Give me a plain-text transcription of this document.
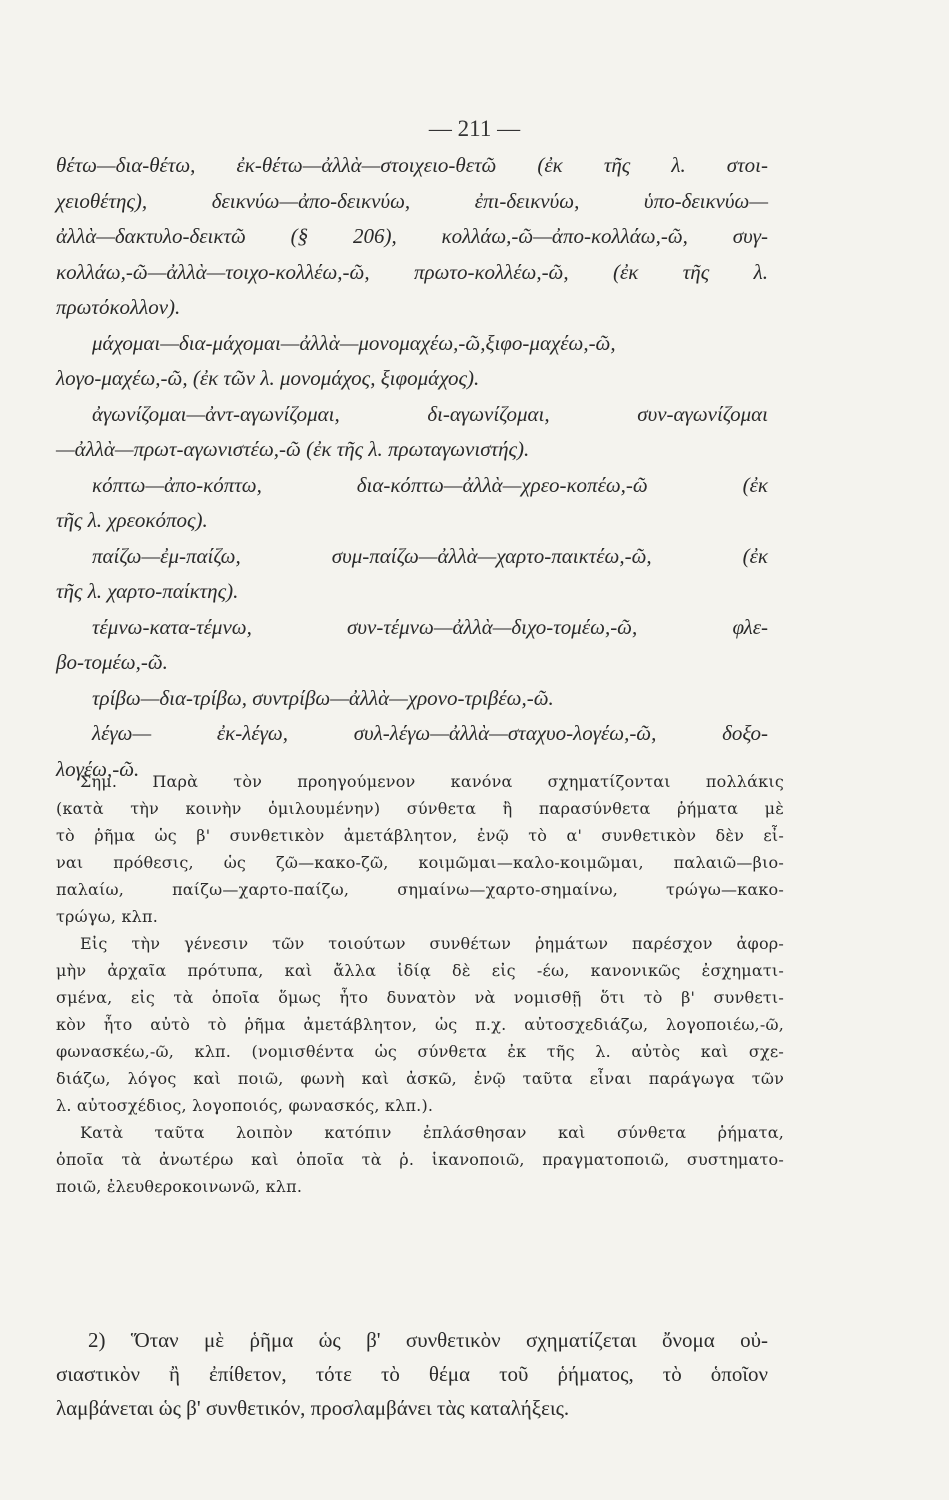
— 211 —
θέτω—δια-θέτω, ἐκ-θέτω—ἀλλὰ—στοιχειο-θετῶ (ἐκ τῆς λ. στοι-
χειοθέτης), δεικνύω—ἀπο-δεικνύω, ἐπι-δεικνύω, ὑπο-δεικνύω—
ἀλλὰ—δακτυλο-δεικτῶ (§ 206), κολλάω,-ῶ—ἀπο-κολλάω,-ῶ, συγ-
κολλάω,-ῶ—ἀλλὰ—τοιχο-κολλέω,-ῶ, πρωτο-κολλέω,-ῶ, (ἐκ τῆς λ.
πρωτόκολλον).
μάχομαι—δια-μάχομαι—ἀλλὰ—μονομαχέω,-ῶ,ξιφο-μαχέω,-ῶ,
λογο-μαχέω,-ῶ, (ἐκ τῶν λ. μονομάχος, ξιφομάχος).
ἀγωνίζομαι—ἀντ-αγωνίζομαι, δι-αγωνίζομαι, συν-αγωνίζομαι
—ἀλλὰ—πρωτ-αγωνιστέω,-ῶ (ἐκ τῆς λ. πρωταγωνιστής).
κόπτω—ἀπο-κόπτω, δια-κόπτω—ἀλλὰ—χρεο-κοπέω,-ῶ (ἐκ
τῆς λ. χρεοκόπος).
παίζω—ἐμ-παίζω, συμ-παίζω—ἀλλὰ—χαρτο-παικτέω,-ῶ, (ἐκ
τῆς λ. χαρτο-παίκτης).
τέμνω-κατα-τέμνω, συν-τέμνω—ἀλλὰ—διχο-τομέω,-ῶ, φλε-
βο-τομέω,-ῶ.
τρίβω—δια-τρίβω, συντρίβω—ἀλλὰ—χρονο-τριβέω,-ῶ.
λέγω— ἐκ-λέγω, συλ-λέγω—ἀλλὰ—σταχυο-λογέω,-ῶ, δοξο-
λογέω,-ῶ.
Σημ. Παρὰ τὸν προηγούμενον κανόνα σχηματίζονται πολλάκις
(κατὰ τὴν κοινὴν ὁμιλουμένην) σύνθετα ἢ παρασύνθετα ῥήματα μὲ
τὸ ῥῆμα ὡς β' συνθετικὸν ἀμετάβλητον, ἐνῷ τὸ α' συνθετικὸν δὲν εἶ-
ναι πρόθεσις, ὡς ζῶ—κακο-ζῶ, κοιμῶμαι—καλο-κοιμῶμαι, παλαιῶ—βιο-
παλαίω, παίζω—χαρτο-παίζω, σημαίνω—χαρτο-σημαίνω, τρώγω—κακο-
τρώγω, κλπ.
Εἰς τὴν γένεσιν τῶν τοιούτων συνθέτων ῥημάτων παρέσχον ἀφορ-
μὴν ἀρχαῖα πρότυπα, καὶ ἄλλα ἰδίᾳ δὲ εἰς -έω, κανονικῶς ἐσχηματι-
σμένα, εἰς τὰ ὁποῖα ὅμως ἦτο δυνατὸν νὰ νομισθῇ ὅτι τὸ β' συνθετι-
κὸν ἦτο αὐτὸ τὸ ῥῆμα ἀμετάβλητον, ὡς π.χ. αὐτοσχεδιάζω, λογοποιέω,-ῶ,
φωνασκέω,-ῶ, κλπ. (νομισθέντα ὡς σύνθετα ἐκ τῆς λ. αὐτὸς καὶ σχε-
διάζω, λόγος καὶ ποιῶ, φωνὴ καὶ ἀσκῶ, ἐνῷ ταῦτα εἶναι παράγωγα τῶν
λ. αὐτοσχέδιος, λογοποιός, φωνασκός, κλπ.).
Κατὰ ταῦτα λοιπὸν κατόπιν ἐπλάσθησαν καὶ σύνθετα ῥήματα,
ὁποῖα τὰ ἀνωτέρω καὶ ὁποῖα τὰ ῥ. ἱκανοποιῶ, πραγματοποιῶ, συστηματο-
ποιῶ, ἐλευθεροκοινωνῶ, κλπ.
2) Ὅταν μὲ ῥῆμα ὡς β' συνθετικὸν σχηματίζεται ὄνομα οὐ-
σιαστικὸν ἢ ἐπίθετον, τότε τὸ θέμα τοῦ ῥήματος, τὸ ὁποῖον
λαμβάνεται ὡς β' συνθετικόν, προσλαμβάνει τὰς καταλήξεις.
